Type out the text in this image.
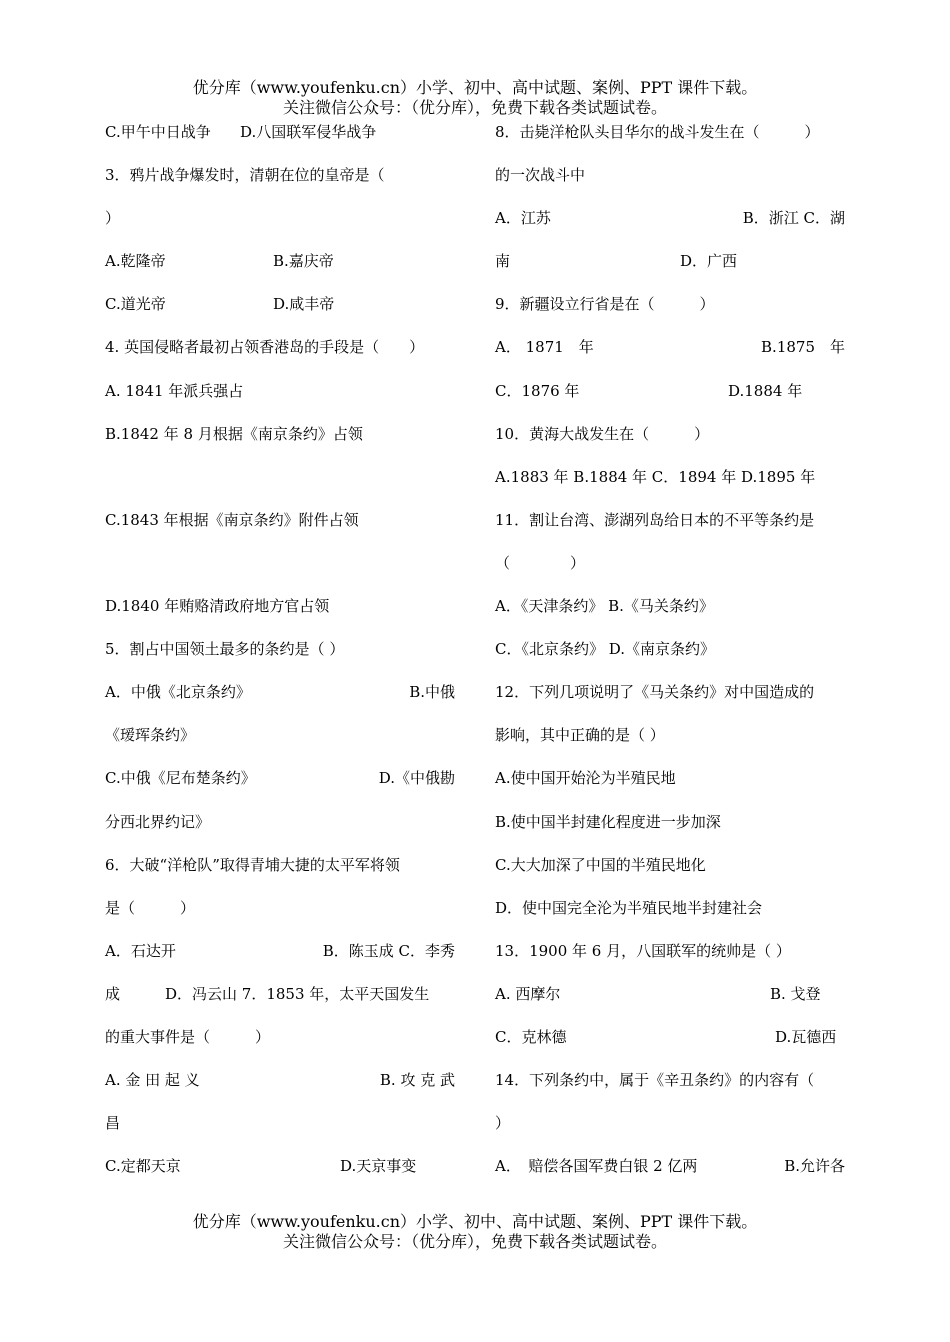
优分库（www.youfenku.cn）小学、初中、高中试题、案例、PPT 课件下载。
关注微信公众号：（优分库），免费下载各类试题试卷。
C.甲午中日战争	D.八国联军侵华战争
3．鸦片战争爆发时，清朝在位的皇帝是（
）
A.乾隆帝	B.嘉庆帝
C.道光帝	D.咸丰帝
4. 英国侵略者最初占领香港岛的手段是（　　）
A. 1841 年派兵强占
B.1842 年 8 月根据《南京条约》占领
C.1843 年根据《南京条约》附件占领
D.1840 年贿赂清政府地方官占领
5．割占中国领土最多的条约是（ ）
A．中俄《北京条约》	B.中俄
《瑷珲条约》
C.中俄《尼布楚条约》	D.《中俄勘
分西北界约记》
6．大破“洋枪队”取得青埔大捷的太平军将领
是（　　　）
A．石达开	B．陈玉成 C．李秀
成　　　D．冯云山 7．1853 年，太平天国发生
的重大事件是（　　　）
A. 金 田 起 义	B. 攻 克 武
昌
C.定都天京	D.天京事变
8．击毙洋枪队头目华尔的战斗发生在（　　　）
的一次战斗中
A．江苏	B．浙江 C．湖
南	D．广西
9．新疆设立行省是在（　　　）
A． 1871　年	B.1875　年
C．1876 年	D.1884 年
10．黄海大战发生在（　　　）
A.1883 年 B.1884 年 C．1894 年 D.1895 年
11．割让台湾、澎湖列岛给日本的不平等条约是
（　　　　）
A．《天津条约》 B.《马关条约》
C．《北京条约》 D.《南京条约》
12．下列几项说明了《马关条约》对中国造成的
影响，其中正确的是（ ）
A.使中国开始沦为半殖民地
B.使中国半封建化程度进一步加深
C.大大加深了中国的半殖民地化
D．使中国完全沦为半殖民地半封建社会
13．1900 年 6 月，八国联军的统帅是（ ）
A. 西摩尔	B. 戈登
C．克林德	D.瓦德西
14．下列条约中，属于《辛丑条约》的内容有（
）
A．　赔偿各国军费白银 2 亿两	B.允许各
优分库（www.youfenku.cn）小学、初中、高中试题、案例、PPT 课件下载。
关注微信公众号：（优分库），免费下载各类试题试卷。
